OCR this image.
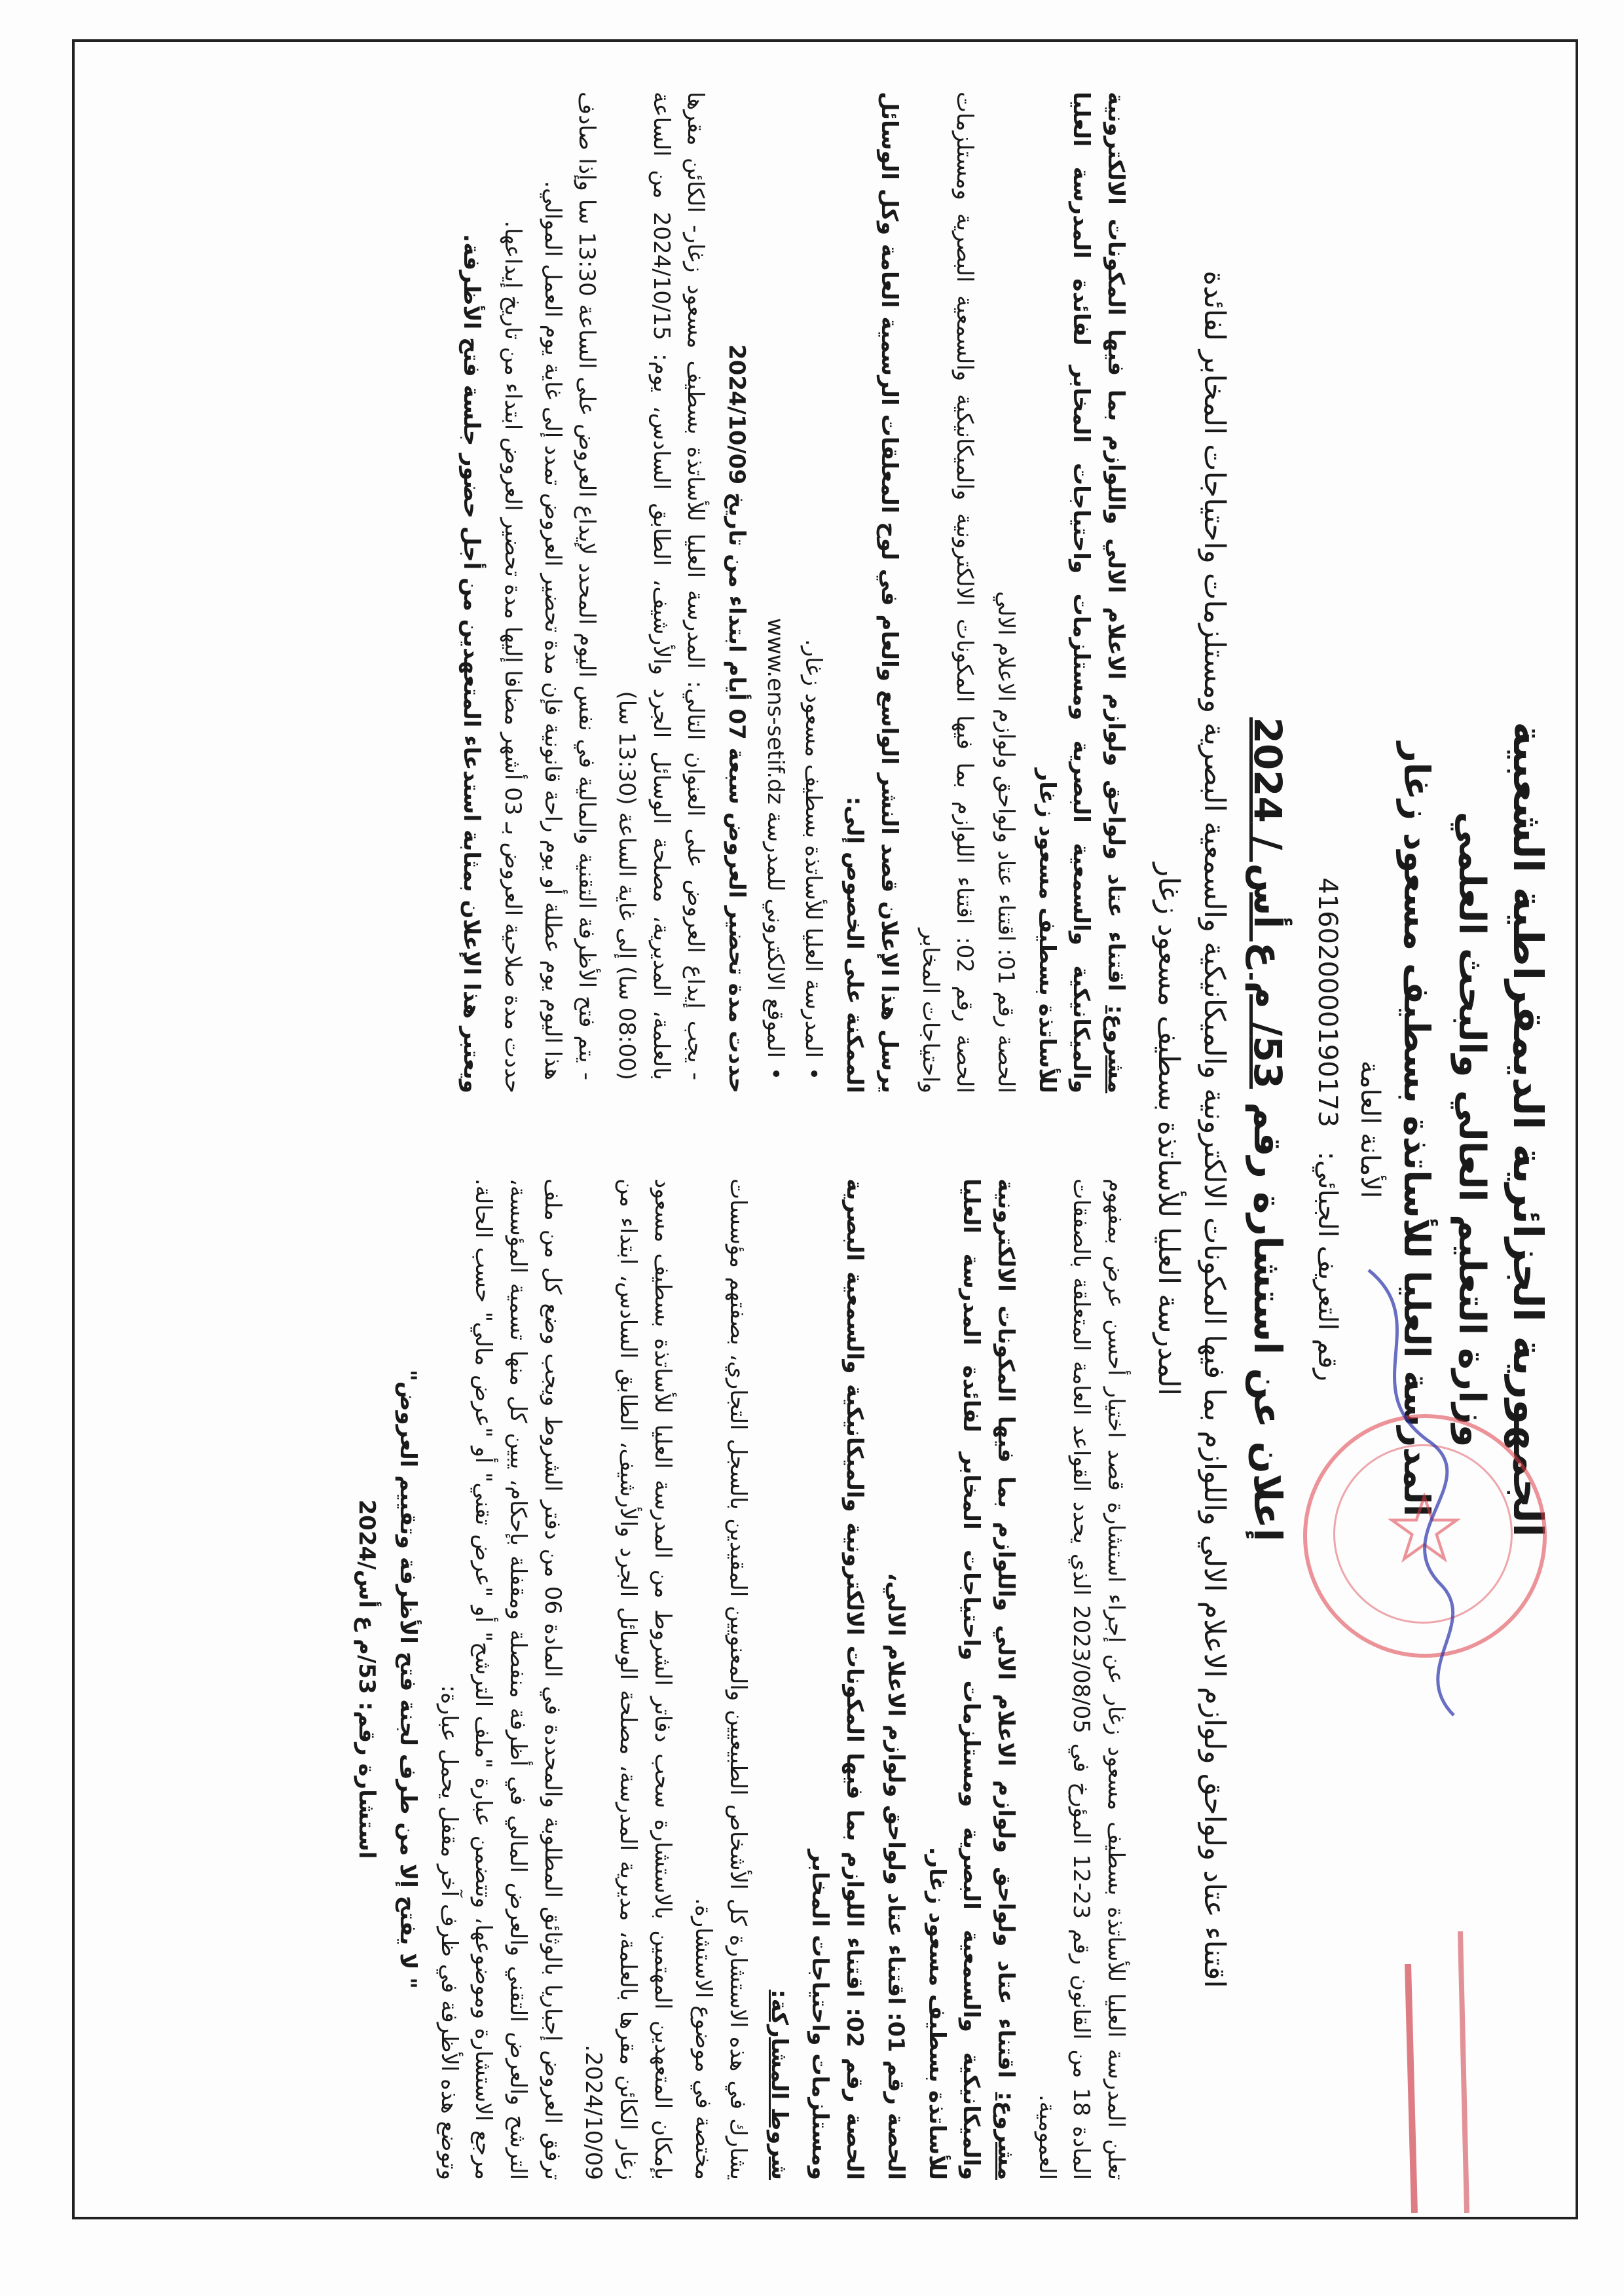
الجمهورية الجزائرية الديمقراطية الشعبية
وزارة التعليم العالي والبحث العلمي
المدرسة العليا للأساتذة بسطيف مسعود زغار
الأمانة العامة
رقم التعريف الجبائي: 416020000190173
إعلان عن استشارة رقم 53/ م ع أس / 2024
اقتناء عتاد ولواحق ولوازم الاعلام الالي واللوازم بما فيها المكونات الالكترونية والميكانيكية والسمعية البصرية ومستلزمات واحتياجات المخابر لفائدة
المدرسة العليا للأساتذة بسطيف مسعود زغار

تعلن المدرسة العليا للأساتذة بسطيف مسعود زغار عن إجراء استشارة قصد اختيار أحسن عرض بمفهوم المادة 18 من القانون رقم 23-12 المؤرخ في 2023/08/05 الذي يحدد القواعد العامة المتعلقة بالصفقات العمومية.

مشروع: اقتناء عتاد ولواحق ولوازم الاعلام الالي واللوازم بما فيها المكونات الالكترونية والميكانيكية والسمعية البصرية ومستلزمات واحتياجات المخابر لفائدة المدرسة العليا للأساتذة بسطيف مسعود زغار.

الحصة رقم 01: اقتناء عتاد ولواحق ولوازم الاعلام الالي،

الحصة رقم 02: اقتناء اللوازم بما فيها المكونات الالكترونية والميكانيكية والسمعية البصرية ومستلزمات واحتياجات المخابر

شروط المشاركة:

يشارك في هذه الاستشارة كل الأشخاص الطبيعيين والمعنويين المقيدين بالسجل التجاري، بصفتهم مؤسسات مختصة في موضوع الاستشارة.

بإمكان المتعهدين المهتمين بالاستشارة سحب دفاتر الشروط من المدرسة العليا للأساتذة بسطيف مسعود زغار الكائن مقرها بالعلمة، مديرية المدرسة، مصلحة الوسائل الجرد والأرشيف، الطابق السادس، ابتداء من 2024/10/09.

ترفق العروض إجباريا بالوثائق المطلوبة والمحددة في المادة 06 من دفتر الشروط ويجب وضع كل من ملف الترشح والعرض التقني والعرض المالي في أظرفة منفصلة ومقفلة بإحكام، يبين كل منها تسمية المؤسسة، مرجع الاستشارة وموضوعها، وتتضمن عبارة "ملف الترشح" أو "عرض تقني" أو "عرض مالي" حسب الحالة. وتوضع هذه الأظرفة في ظرف آخر مقفل يحمل عبارة:

" لا يفتح إلا من طرف لجنة فتح الأظرفة وتقييم العروض"

استشارة رقم: 53/م ع أس/2024

مشروع: اقتناء عتاد ولواحق ولوازم الاعلام الالي واللوازم بما فيها المكونات الالكترونية والميكانيكية والسمعية البصرية ومستلزمات واحتياجات المخابر لفائدة المدرسة العليا للأساتذة بسطيف مسعود زغار

الحصة رقم 01: اقتناء عتاد ولواحق ولوازم الاعلام الالي

الحصة رقم 02: اقتناء اللوازم بما فيها المكونات الالكترونية والميكانيكية والسمعية البصرية ومستلزمات واحتياجات المخابر

يرسل هذا الإعلان قصد النشر الواسع والعام في لوح المعلقات الرسمية العامة وكل الوسائل الممكنة على الخصوص إلى:

• المدرسة العليا للأساتذة بسطيف مسعود زغار.

• الموقع الالكتروني للمدرسة www.ens-setif.dz

حددت مدة تحضير العروض سبعة 07 أيام ابتداء من تاريخ 2024/10/09

- يجب إيداع العروض على العنوان التالي: المدرسة العليا للأساتذة بسطيف مسعود زغار- الكائن مقرها بالعلمة، المديرية، مصلحة الوسائل الجرد والأرشيف، الطابق السادس، يوم: 2024/10/15 من الساعة (08:00 سا) إلى غاية الساعة (13:30 سا)

- يتم فتح الأظرفة التقنية والمالية في نفس اليوم المحدد لإيداع العروض على الساعة 13:30 سا وإذا صادف هذا اليوم يوم عطلة أو يوم راحة قانونية فإن مدة تحضير العروض تمدد إلى غاية يوم العمل الموالي.

حددت مدة صلاحية العروض بـ 03 أشهر مضافا إليها مدة تحضير العروض ابتداء من تاريخ إيداعها.

ويعتبر هذا الإعلان بمثابة استدعاء المتعهدين من أجل حضور جلسة فتح الأظرفة.
